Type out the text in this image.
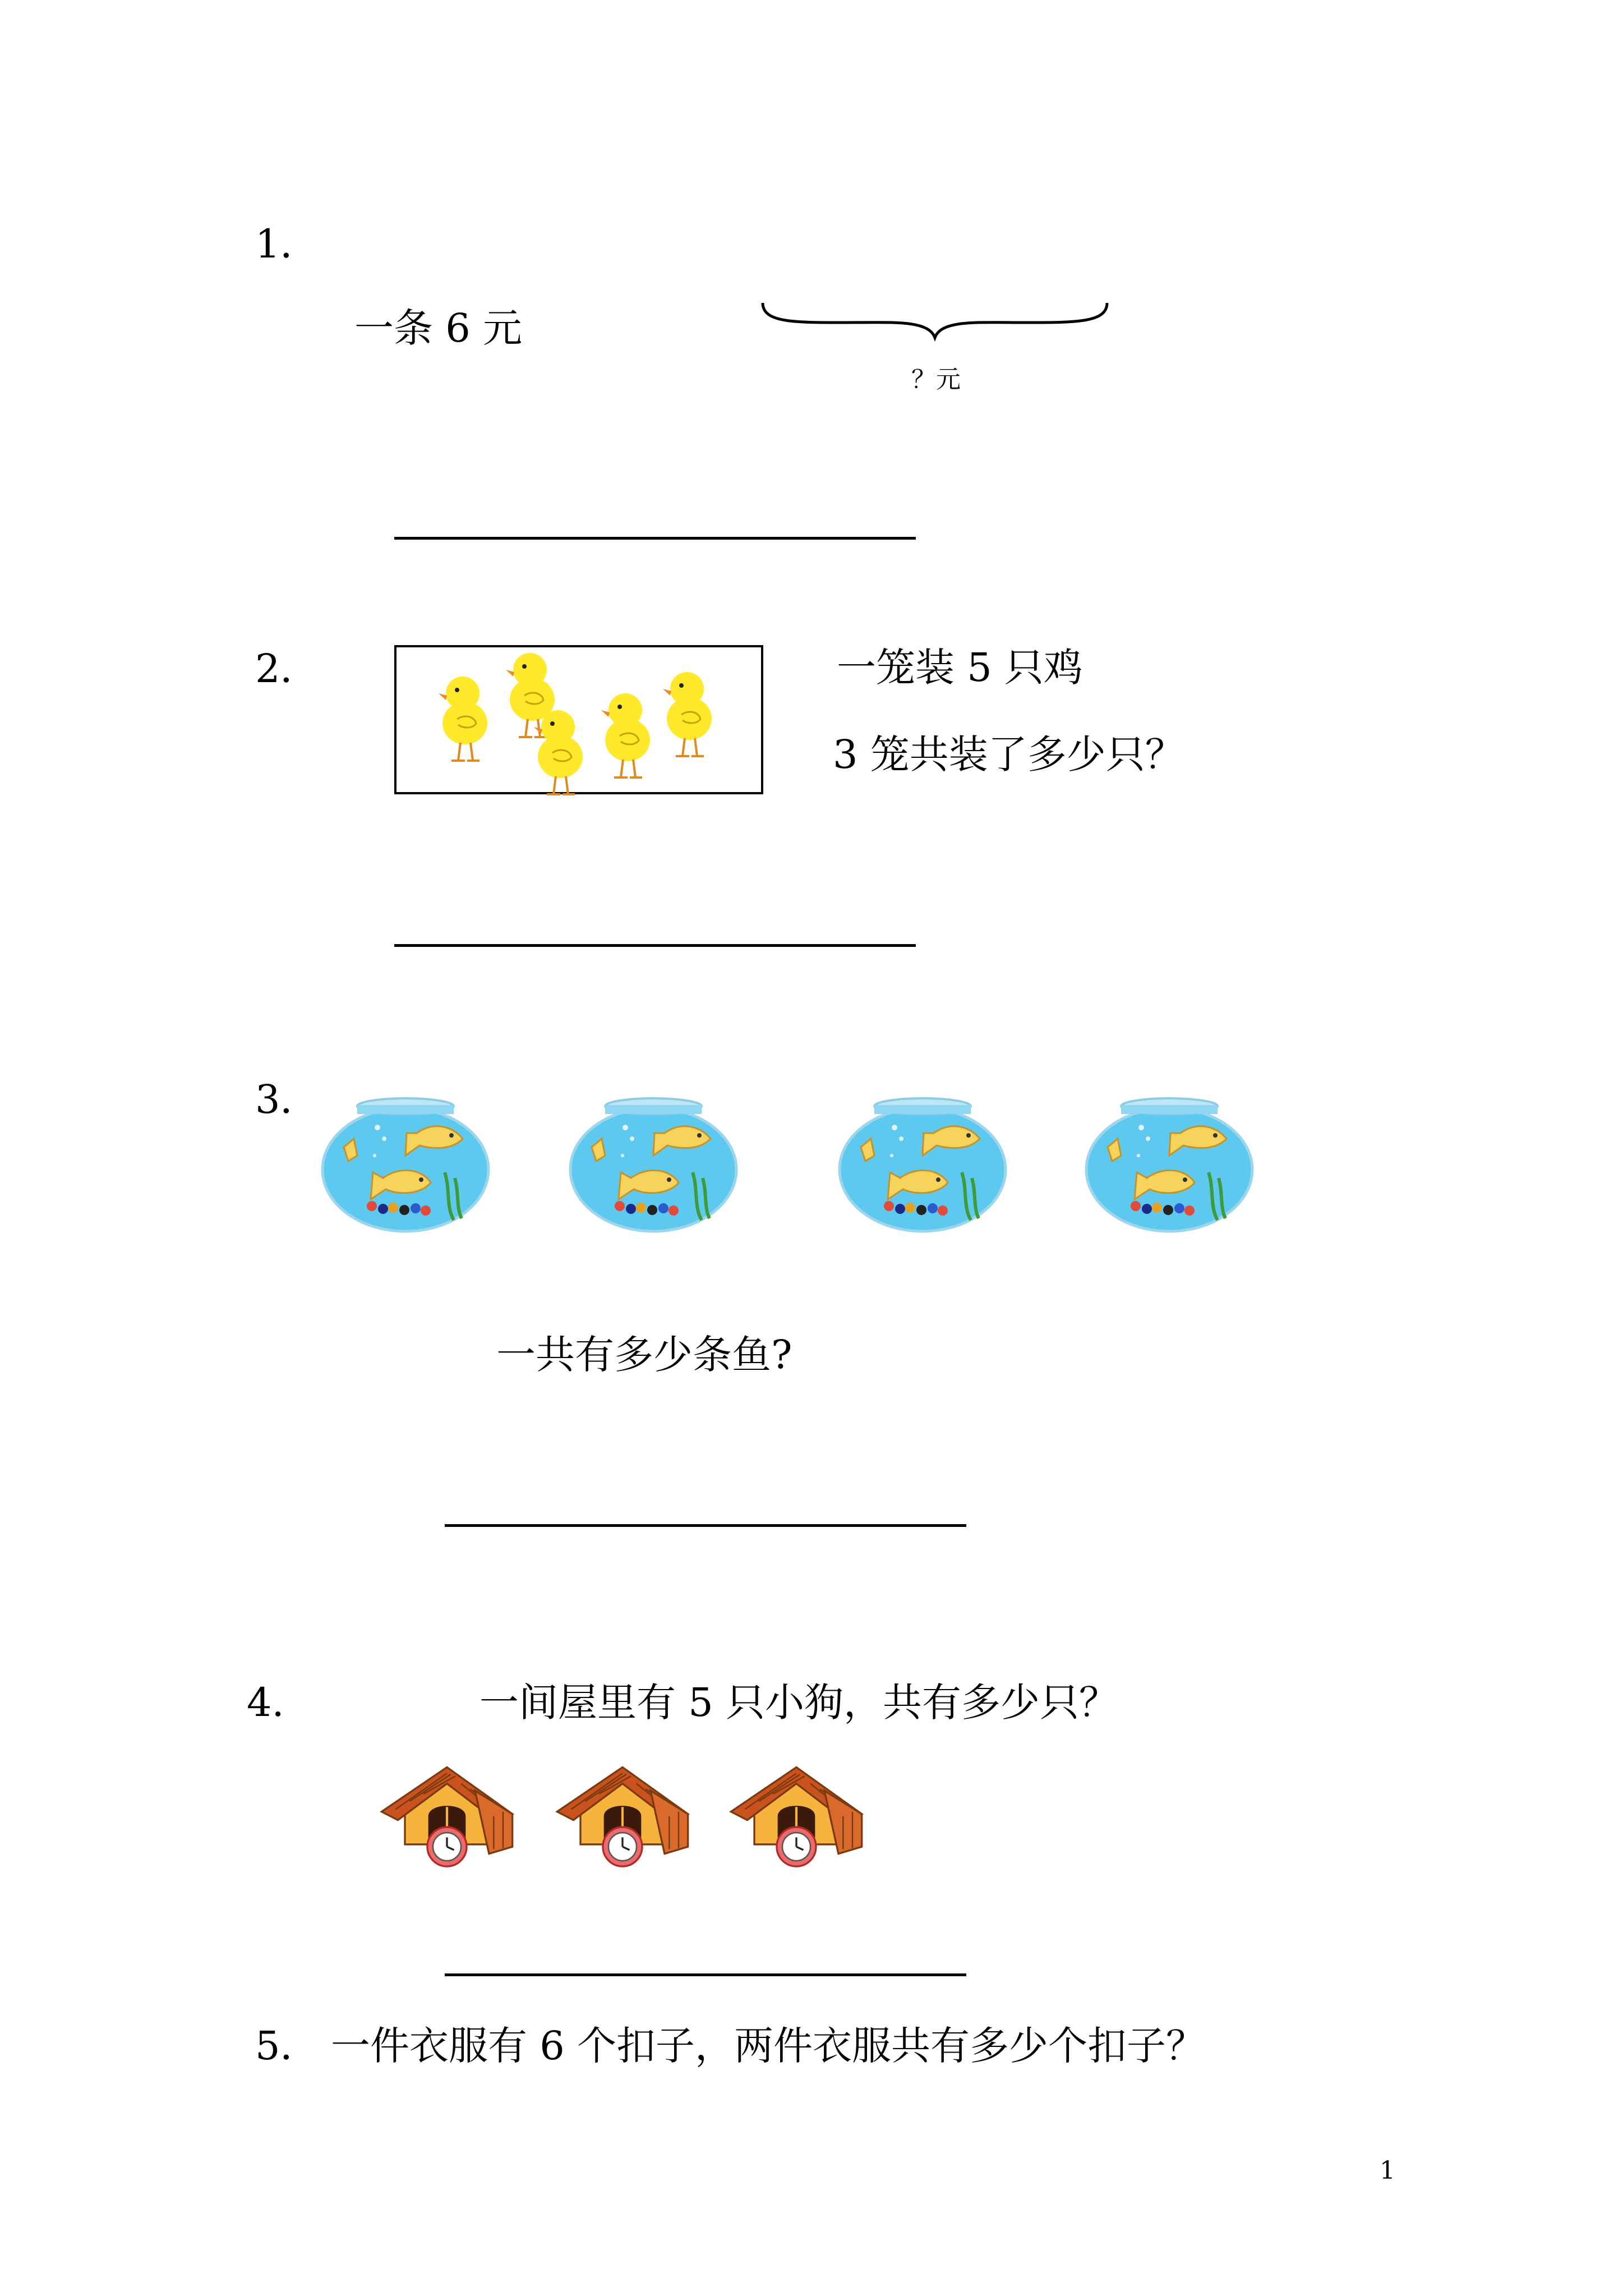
1．
一条 6 元
？元
2．	一笼装 5 只鸡
3 笼共装了多少只？
3．
一共有多少条鱼?
4.	一间屋里有 5 只小狗，共有多少只？
5． 一件衣服有 6 个扣子，两件衣服共有多少个扣子？
1
